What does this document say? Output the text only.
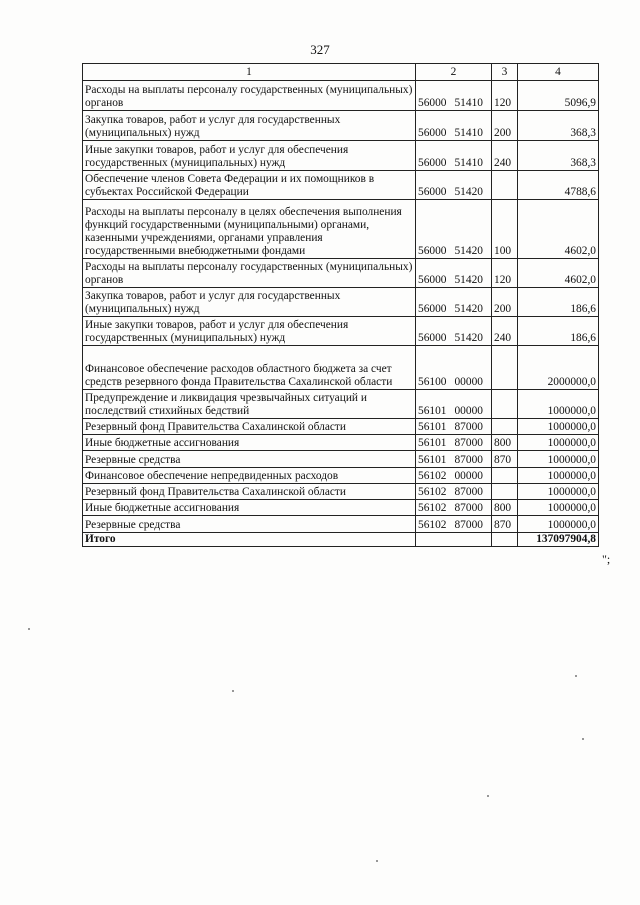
327
1	2	3	4
Расходы на выплаты персоналу государственных (муниципальных) органов	56000 51410	120	5096,9
Закупка товаров, работ и услуг для государственных (муниципальных) нужд	56000 51410	200	368,3
Иные закупки товаров, работ и услуг для обеспечения государственных (муниципальных) нужд	56000 51410	240	368,3
Обеспечение членов Совета Федерации и их помощников в субъектах Российской Федерации	56000 51420		4788,6
Расходы на выплаты персоналу в целях обеспечения выполнения функций государственными (муниципальными) органами, казенными учреждениями, органами управления государственными внебюджетными фондами	56000 51420	100	4602,0
Расходы на выплаты персоналу государственных (муниципальных) органов	56000 51420	120	4602,0
Закупка товаров, работ и услуг для государственных (муниципальных) нужд	56000 51420	200	186,6
Иные закупки товаров, работ и услуг для обеспечения государственных (муниципальных) нужд	56000 51420	240	186,6
Финансовое обеспечение расходов областного бюджета за счет средств резервного фонда Правительства Сахалинской области	56100 00000		2000000,0
Предупреждение и ликвидация чрезвычайных ситуаций и последствий стихийных бедствий	56101 00000		1000000,0
Резервный фонд Правительства Сахалинской области	56101 87000		1000000,0
Иные бюджетные ассигнования	56101 87000	800	1000000,0
Резервные средства	56101 87000	870	1000000,0
Финансовое обеспечение непредвиденных расходов	56102 00000		1000000,0
Резервный фонд Правительства Сахалинской области	56102 87000		1000000,0
Иные бюджетные ассигнования	56102 87000	800	1000000,0
Резервные средства	56102 87000	870	1000000,0
Итого			137097904,8
";
